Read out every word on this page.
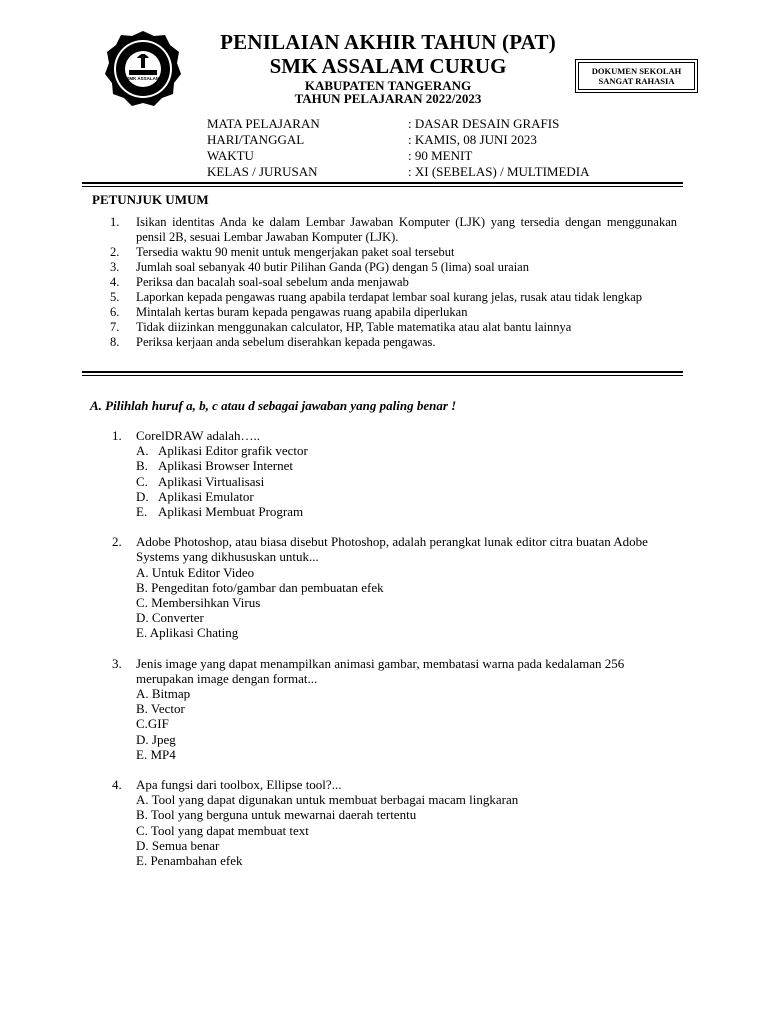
SMK ASSALAM
PENILAIAN AKHIR TAHUN (PAT)
SMK ASSALAM CURUG
KABUPATEN TANGERANG
TAHUN PELAJARAN 2022/2023
DOKUMEN SEKOLAH
SANGAT RAHASIA
MATA PELAJARAN	: DASAR DESAIN GRAFIS
HARI/TANGGAL	: KAMIS, 08 JUNI 2023
WAKTU	: 90 MENIT
KELAS / JURUSAN	: XI (SEBELAS) / MULTIMEDIA
PETUNJUK UMUM
1. Isikan identitas Anda ke dalam Lembar Jawaban Komputer (LJK) yang tersedia dengan menggunakan pensil 2B, sesuai Lembar Jawaban Komputer (LJK).
2. Tersedia waktu 90 menit untuk mengerjakan paket soal tersebut
3. Jumlah soal sebanyak 40 butir Pilihan Ganda (PG) dengan 5 (lima) soal uraian
4. Periksa dan bacalah soal-soal sebelum anda menjawab
5. Laporkan kepada pengawas ruang apabila terdapat lembar soal kurang jelas, rusak atau tidak lengkap
6. Mintalah kertas buram kepada pengawas ruang apabila diperlukan
7. Tidak diizinkan menggunakan calculator, HP, Table matematika atau alat bantu lainnya
8. Periksa kerjaan anda sebelum diserahkan kepada pengawas.
A. Pilihlah huruf a, b, c atau d sebagai jawaban yang paling benar !
1. CorelDRAW adalah…..
A. Aplikasi Editor grafik vector
B. Aplikasi Browser Internet
C. Aplikasi Virtualisasi
D. Aplikasi Emulator
E. Aplikasi Membuat Program
2. Adobe Photoshop, atau biasa disebut Photoshop, adalah perangkat lunak editor citra buatan Adobe Systems yang dikhususkan untuk...
A. Untuk Editor Video
B. Pengeditan foto/gambar dan pembuatan efek
C. Membersihkan Virus
D. Converter
E. Aplikasi Chating
3. Jenis image yang dapat menampilkan animasi gambar, membatasi warna pada kedalaman 256 merupakan image dengan format...
A. Bitmap
B. Vector
C.GIF
D. Jpeg
E. MP4
4. Apa fungsi dari toolbox, Ellipse tool?...
A. Tool yang dapat digunakan untuk membuat berbagai macam lingkaran
B. Tool yang berguna untuk mewarnai daerah tertentu
C. Tool yang dapat membuat text
D. Semua benar
E. Penambahan efek
